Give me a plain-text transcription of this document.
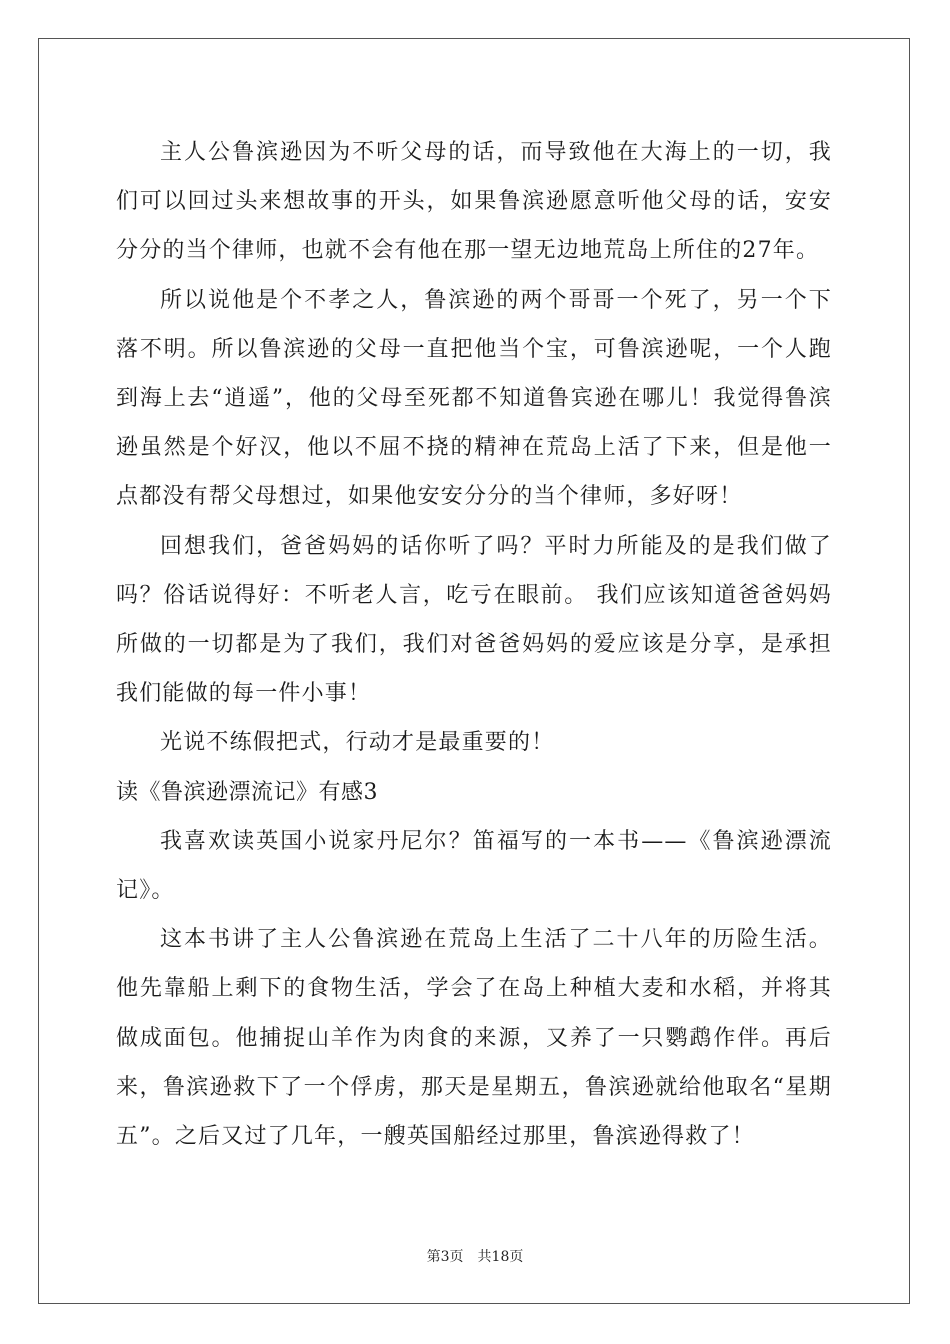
主人公鲁滨逊因为不听父母的话，而导致他在大海上的一切，我们可以回过头来想故事的开头，如果鲁滨逊愿意听他父母的话，安安分分的当个律师，也就不会有他在那一望无边地荒岛上所住的27年。

所以说他是个不孝之人，鲁滨逊的两个哥哥一个死了，另一个下落不明。所以鲁滨逊的父母一直把他当个宝，可鲁滨逊呢，一个人跑到海上去“逍遥”，他的父母至死都不知道鲁宾逊在哪儿！我觉得鲁滨逊虽然是个好汉，他以不屈不挠的精神在荒岛上活了下来，但是他一点都没有帮父母想过，如果他安安分分的当个律师，多好呀！

回想我们，爸爸妈妈的话你听了吗？平时力所能及的是我们做了吗？俗话说得好：不听老人言，吃亏在眼前。 我们应该知道爸爸妈妈所做的一切都是为了我们，我们对爸爸妈妈的爱应该是分享，是承担我们能做的每一件小事！

光说不练假把式，行动才是最重要的！

读《鲁滨逊漂流记》有感3

我喜欢读英国小说家丹尼尔？笛福写的一本书——《鲁滨逊漂流记》。

这本书讲了主人公鲁滨逊在荒岛上生活了二十八年的历险生活。他先靠船上剩下的食物生活，学会了在岛上种植大麦和水稻，并将其做成面包。他捕捉山羊作为肉食的来源，又养了一只鹦鹉作伴。再后来，鲁滨逊救下了一个俘虏，那天是星期五，鲁滨逊就给他取名“星期五”。之后又过了几年，一艘英国船经过那里，鲁滨逊得救了！

第3页 共18页
